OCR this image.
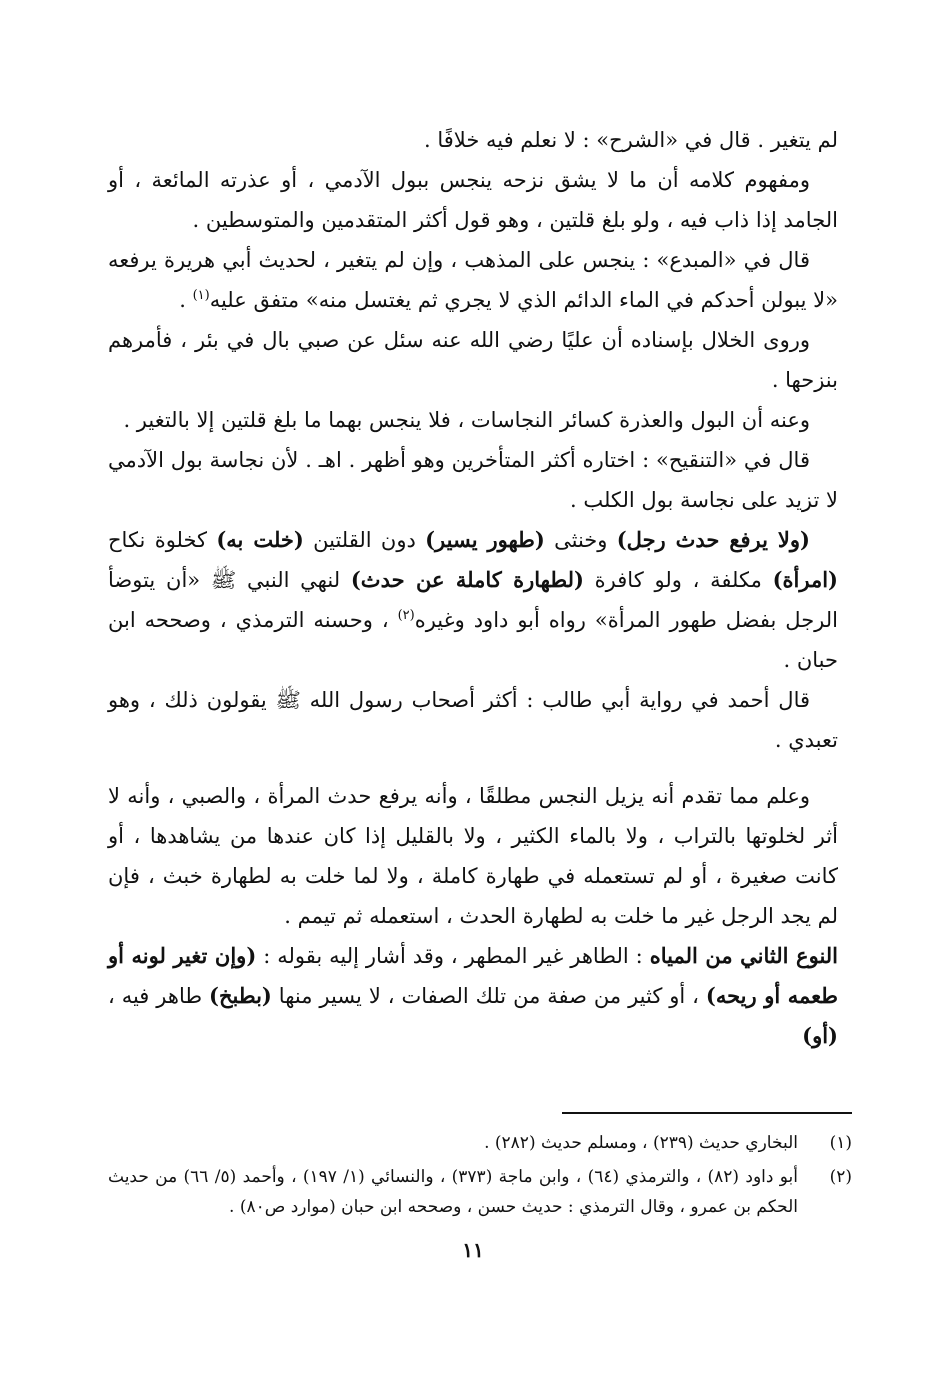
لم يتغير . قال في «الشرح» : لا نعلم فيه خلافًا .

ومفهوم كلامه أن ما لا يشق نزحه ينجس ببول الآدمي ، أو عذرته المائعة ، أو الجامد إذا ذاب فيه ، ولو بلغ قلتين ، وهو قول أكثر المتقدمين والمتوسطين .

قال في «المبدع» : ينجس على المذهب ، وإن لم يتغير ، لحديث أبي هريرة يرفعه «لا يبولن أحدكم في الماء الدائم الذي لا يجري ثم يغتسل منه» متفق عليه$^{(١)}$ .

وروى الخلال بإسناده أن عليًا رضي الله عنه سئل عن صبي بال في بئر ، فأمرهم بنزحها .

وعنه أن البول والعذرة كسائر النجاسات ، فلا ينجس بهما ما بلغ قلتين إلا بالتغير .

قال في «التنقيح» : اختاره أكثر المتأخرين وهو أظهر . اهـ . لأن نجاسة بول الآدمي لا تزيد على نجاسة بول الكلب .

(ولا يرفع حدث رجل) وخنثى (طهور يسير) دون القلتين (خلت به) كخلوة نكاح (امرأة) مكلفة ، ولو كافرة (لطهارة كاملة عن حدث) لنهي النبي ﷺ «أن يتوضأ الرجل بفضل طهور المرأة» رواه أبو داود وغيره$^{(٢)}$ ، وحسنه الترمذي ، وصححه ابن حبان .

قال أحمد في رواية أبي طالب : أكثر أصحاب رسول الله ﷺ يقولون ذلك ، وهو تعبدي .

وعلم مما تقدم أنه يزيل النجس مطلقًا ، وأنه يرفع حدث المرأة ، والصبي ، وأنه لا أثر لخلوتها بالتراب ، ولا بالماء الكثير ، ولا بالقليل إذا كان عندها من يشاهدها ، أو كانت صغيرة ، أو لم تستعمله في طهارة كاملة ، ولا لما خلت به لطهارة خبث ، فإن لم يجد الرجل غير ما خلت به لطهارة الحدث ، استعمله ثم تيمم .

النوع الثاني من المياه : الطاهر غير المطهر ، وقد أشار إليه بقوله : (وإن تغير لونه أو طعمه أو ريحه) ، أو كثير من صفة من تلك الصفات ، لا يسير منها (بطبخ) طاهر فيه ، (أو)

(١)
البخاري حديث (٢٣٩) ، ومسلم حديث (٢٨٢) .
(٢)
أبو داود (٨٢) ، والترمذي (٦٤) ، وابن ماجة (٣٧٣) ، والنسائي (١/ ١٩٧) ، وأحمد (٥/ ٦٦) من حديث الحكم بن عمرو ، وقال الترمذي : حديث حسن ، وصححه ابن حبان (موارد ص٨٠) .
١١
